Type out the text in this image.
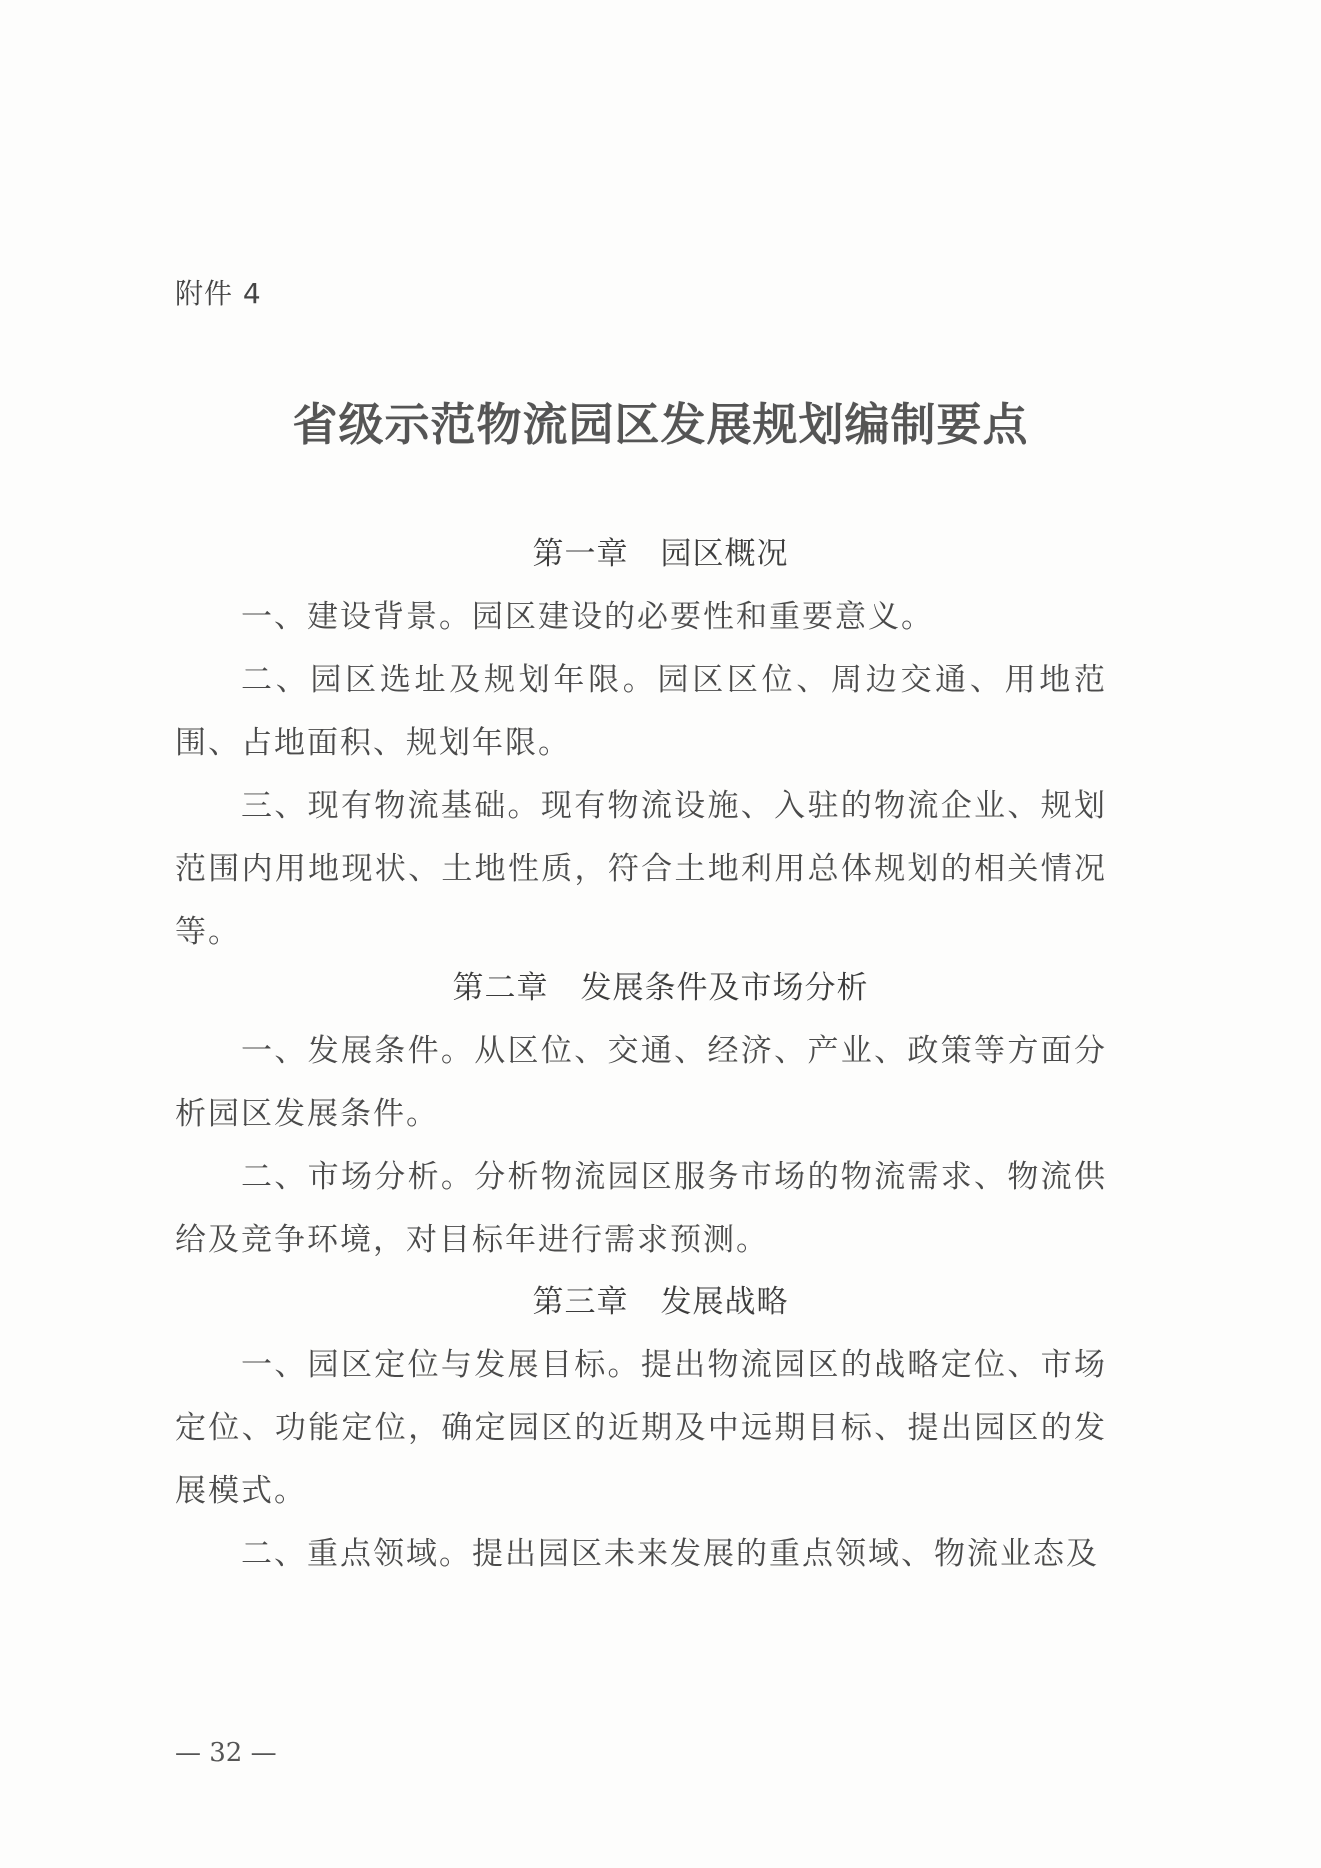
附件 4
省级示范物流园区发展规划编制要点
第一章　园区概况
一、建设背景。园区建设的必要性和重要意义。
二、园区选址及规划年限。园区区位、周边交通、用地范围、占地面积、规划年限。
三、现有物流基础。现有物流设施、入驻的物流企业、规划范围内用地现状、土地性质，符合土地利用总体规划的相关情况等。
第二章　发展条件及市场分析
一、发展条件。从区位、交通、经济、产业、政策等方面分析园区发展条件。
二、市场分析。分析物流园区服务市场的物流需求、物流供给及竞争环境，对目标年进行需求预测。
第三章　发展战略
一、园区定位与发展目标。提出物流园区的战略定位、市场定位、功能定位，确定园区的近期及中远期目标、提出园区的发展模式。
二、重点领域。提出园区未来发展的重点领域、物流业态及
— 32 —
